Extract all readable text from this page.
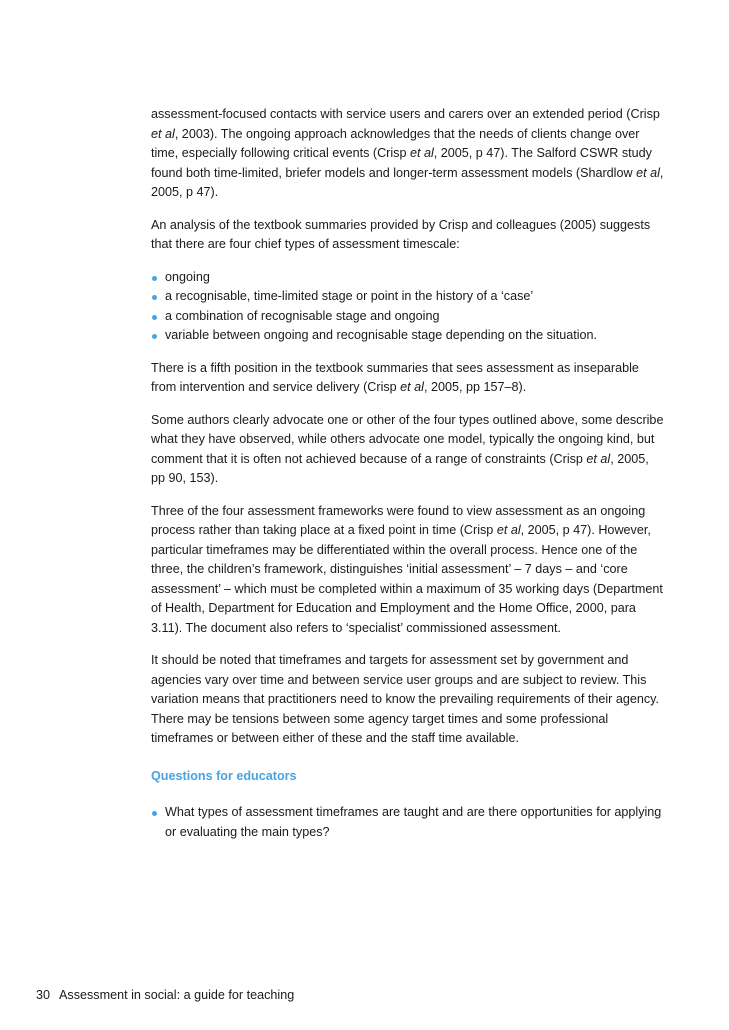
assessment-focused contacts with service users and carers over an extended period (Crisp et al, 2003). The ongoing approach acknowledges that the needs of clients change over time, especially following critical events (Crisp et al, 2005, p 47). The Salford CSWR study found both time-limited, briefer models and longer-term assessment models (Shardlow et al, 2005, p 47).

An analysis of the textbook summaries provided by Crisp and colleagues (2005) suggests that there are four chief types of assessment timescale:

ongoing
a recognisable, time-limited stage or point in the history of a ‘case’
a combination of recognisable stage and ongoing
variable between ongoing and recognisable stage depending on the situation.

There is a fifth position in the textbook summaries that sees assessment as inseparable from intervention and service delivery (Crisp et al, 2005, pp 157–8).

Some authors clearly advocate one or other of the four types outlined above, some describe what they have observed, while others advocate one model, typically the ongoing kind, but comment that it is often not achieved because of a range of constraints (Crisp et al, 2005, pp 90, 153).

Three of the four assessment frameworks were found to view assessment as an ongoing process rather than taking place at a fixed point in time (Crisp et al, 2005, p 47). However, particular timeframes may be differentiated within the overall process. Hence one of the three, the children’s framework, distinguishes ‘initial assessment’ – 7 days – and ‘core assessment’ – which must be completed within a maximum of 35 working days (Department of Health, Department for Education and Employment and the Home Office, 2000, para 3.11). The document also refers to ‘specialist’ commissioned assessment.

It should be noted that timeframes and targets for assessment set by government and agencies vary over time and between service user groups and are subject to review. This variation means that practitioners need to know the prevailing requirements of their agency. There may be tensions between some agency target times and some professional timeframes or between either of these and the staff time available.

Questions for educators
What types of assessment timeframes are taught and are there opportunities for applying or evaluating the main types?
30 Assessment in social: a guide for teaching
